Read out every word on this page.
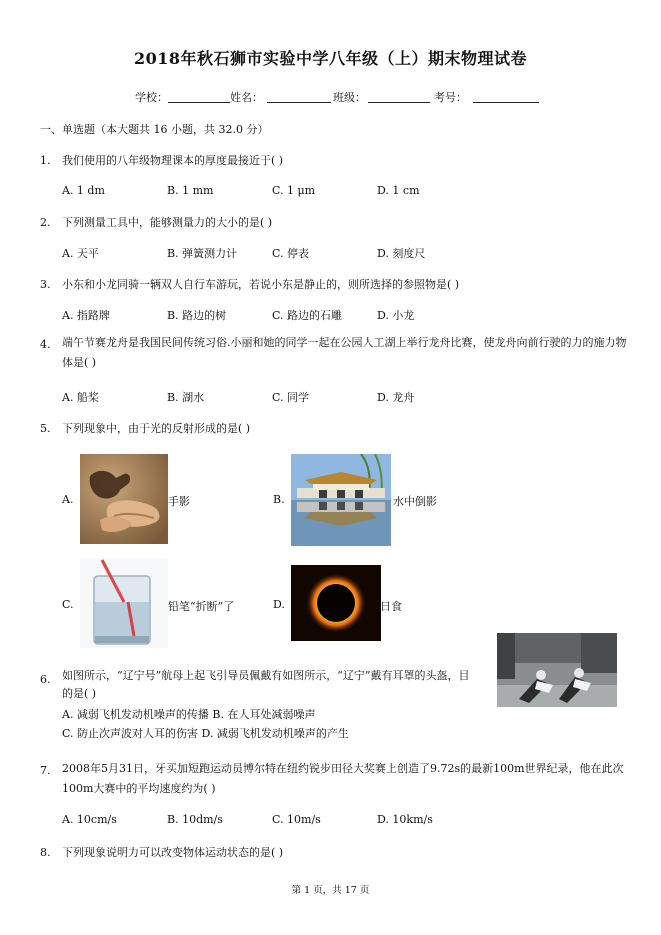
2018年秋石狮市实验中学八年级（上）期末物理试卷
学校：	姓名：	班级：	考号：
一、单选题（本大题共 16 小题，共 32.0 分）
1. 我们使用的八年级物理课本的厚度最接近于( )
A. 1 dm	B. 1 mm	C. 1 μm	D. 1 cm
2. 下列测量工具中，能够测量力的大小的是( )
A. 天平	B. 弹簧测力计	C. 停表	D. 刻度尺
3. 小东和小龙同骑一辆双人自行车游玩，若说小东是静止的，则所选择的参照物是( )
A. 指路牌	B. 路边的树	C. 路边的石雕	D. 小龙
4. 端午节赛龙舟是我国民间传统习俗.小丽和她的同学一起在公园人工湖上举行龙舟比赛，使龙舟向前行驶的力的施力物体是( )
A. 船桨	B. 湖水	C. 同学	D. 龙舟
5. 下列现象中，由于光的反射形成的是( )
A.	手影	B.	水中倒影
C.	铅笔“折断”了	D.	日食
6. 如图所示，“辽宁号”航母上起飞引导员佩戴有如图所示，“辽宁”戴有耳罩的头盔，目的是( )
A. 减弱飞机发动机噪声的传播 B. 在人耳处减弱噪声
C. 防止次声波对人耳的伤害 D. 减弱飞机发动机噪声的产生
7. 2008年5月31日，牙买加短跑运动员博尔特在纽约锐步田径大奖赛上创造了9.72s的最新100m世界纪录，他在此次100m大赛中的平均速度约为( )
A. 10cm/s	B. 10dm/s	C. 10m/s	D. 10km/s
8. 下列现象说明力可以改变物体运动状态的是( )
第 1 页，共 17 页
